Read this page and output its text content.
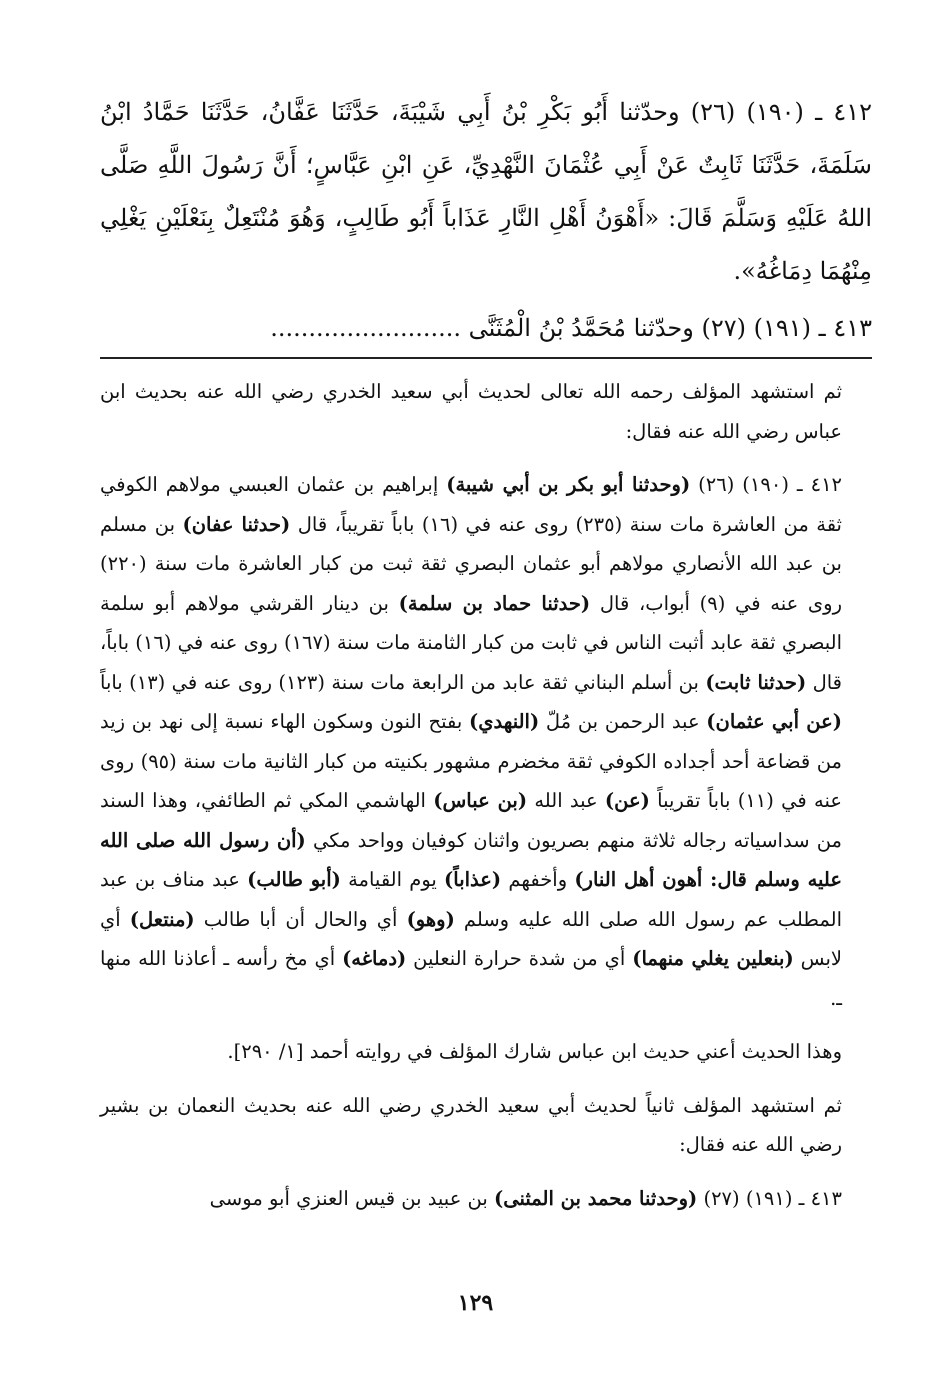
٤١٢ ـ (١٩٠) (٢٦) وحدّثنا أَبُو بَكْرِ بْنُ أَبِي شَيْبَةَ، حَدَّثَنَا عَفَّانُ، حَدَّثَنَا حَمَّادُ ابْنُ سَلَمَةَ، حَدَّثَنَا ثَابِتٌ عَنْ أَبِي عُثْمَانَ النَّهْدِيِّ، عَنِ ابْنِ عَبَّاسٍ؛ أَنَّ رَسُولَ اللَّهِ صَلَّى اللهُ عَلَيْهِ وَسَلَّمَ قَالَ: «أَهْوَنُ أَهْلِ النَّارِ عَذَاباً أَبُو طَالِبٍ، وَهُوَ مُنْتَعِلٌ بِنَعْلَيْنِ يَغْلِي مِنْهُمَا دِمَاغُهُ».

٤١٣ ـ (١٩١) (٢٧) وحدّثنا مُحَمَّدُ بْنُ الْمُثَنَّى .........................

ثم استشهد المؤلف رحمه الله تعالى لحديث أبي سعيد الخدري رضي الله عنه بحديث ابن عباس رضي الله عنه فقال:

٤١٢ ـ (١٩٠) (٢٦) (وحدثنا أبو بكر بن أبي شيبة) إبراهيم بن عثمان العبسي مولاهم الكوفي ثقة من العاشرة مات سنة (٢٣٥) روى عنه في (١٦) باباً تقريباً، قال (حدثنا عفان) بن مسلم بن عبد الله الأنصاري مولاهم أبو عثمان البصري ثقة ثبت من كبار العاشرة مات سنة (٢٢٠) روى عنه في (٩) أبواب، قال (حدثنا حماد بن سلمة) بن دينار القرشي مولاهم أبو سلمة البصري ثقة عابد أثبت الناس في ثابت من كبار الثامنة مات سنة (١٦٧) روى عنه في (١٦) باباً، قال (حدثنا ثابت) بن أسلم البناني ثقة عابد من الرابعة مات سنة (١٢٣) روى عنه في (١٣) باباً (عن أبي عثمان) عبد الرحمن بن مُلّ (النهدي) بفتح النون وسكون الهاء نسبة إلى نهد بن زيد من قضاعة أحد أجداده الكوفي ثقة مخضرم مشهور بكنيته من كبار الثانية مات سنة (٩٥) روى عنه في (١١) باباً تقريباً (عن) عبد الله (بن عباس) الهاشمي المكي ثم الطائفي، وهذا السند من سداسياته رجاله ثلاثة منهم بصريون واثنان كوفيان وواحد مكي (أن رسول الله صلى الله عليه وسلم قال: أهون أهل النار) وأخفهم (عذاباً) يوم القيامة (أبو طالب) عبد مناف بن عبد المطلب عم رسول الله صلى الله عليه وسلم (وهو) أي والحال أن أبا طالب (منتعل) أي لابس (بنعلين يغلي منهما) أي من شدة حرارة النعلين (دماغه) أي مخ رأسه ـ أعاذنا الله منها ـ.

وهذا الحديث أعني حديث ابن عباس شارك المؤلف في روايته أحمد [١/ ٢٩٠].

ثم استشهد المؤلف ثانياً لحديث أبي سعيد الخدري رضي الله عنه بحديث النعمان بن بشير رضي الله عنه فقال:

٤١٣ ـ (١٩١) (٢٧) (وحدثنا محمد بن المثنى) بن عبيد بن قيس العنزي أبو موسى

١٢٩
